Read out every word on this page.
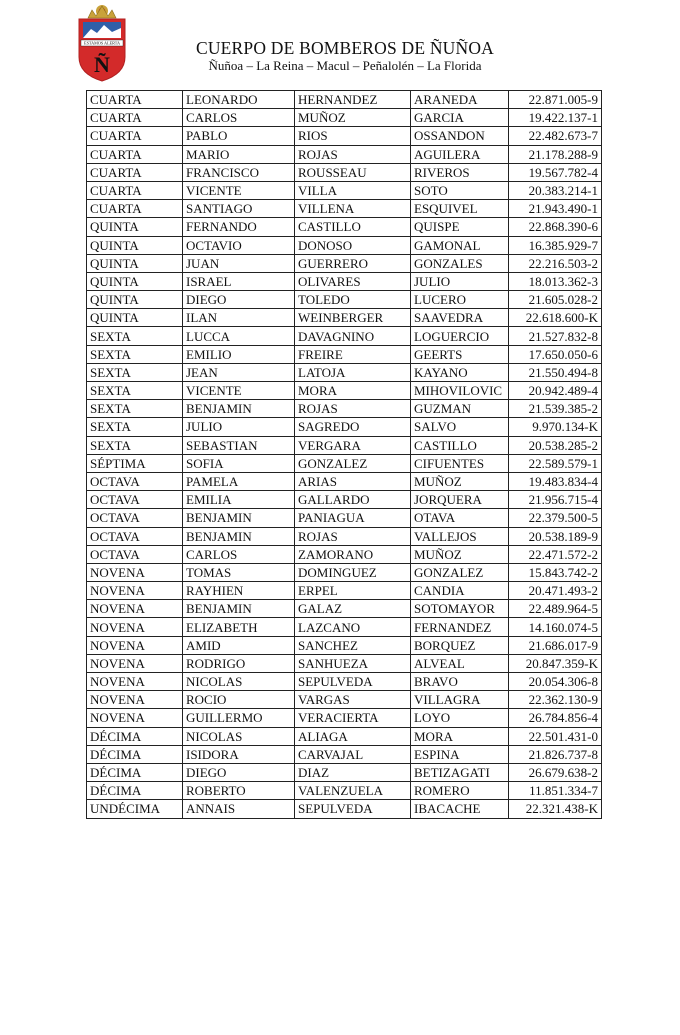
ESTAMOS ALERTA
Ñ
CUERPO DE BOMBEROS DE ÑUÑOA
Ñuñoa – La Reina – Macul – Peñalolén – La Florida
CUARTA	LEONARDO	HERNANDEZ	ARANEDA	22.871.005-9
CUARTA	CARLOS	MUÑOZ	GARCIA	19.422.137-1
CUARTA	PABLO	RIOS	OSSANDON	22.482.673-7
CUARTA	MARIO	ROJAS	AGUILERA	21.178.288-9
CUARTA	FRANCISCO	ROUSSEAU	RIVEROS	19.567.782-4
CUARTA	VICENTE	VILLA	SOTO	20.383.214-1
CUARTA	SANTIAGO	VILLENA	ESQUIVEL	21.943.490-1
QUINTA	FERNANDO	CASTILLO	QUISPE	22.868.390-6
QUINTA	OCTAVIO	DONOSO	GAMONAL	16.385.929-7
QUINTA	JUAN	GUERRERO	GONZALES	22.216.503-2
QUINTA	ISRAEL	OLIVARES	JULIO	18.013.362-3
QUINTA	DIEGO	TOLEDO	LUCERO	21.605.028-2
QUINTA	ILAN	WEINBERGER	SAAVEDRA	22.618.600-K
SEXTA	LUCCA	DAVAGNINO	LOGUERCIO	21.527.832-8
SEXTA	EMILIO	FREIRE	GEERTS	17.650.050-6
SEXTA	JEAN	LATOJA	KAYANO	21.550.494-8
SEXTA	VICENTE	MORA	MIHOVILOVIC	20.942.489-4
SEXTA	BENJAMIN	ROJAS	GUZMAN	21.539.385-2
SEXTA	JULIO	SAGREDO	SALVO	9.970.134-K
SEXTA	SEBASTIAN	VERGARA	CASTILLO	20.538.285-2
SÉPTIMA	SOFIA	GONZALEZ	CIFUENTES	22.589.579-1
OCTAVA	PAMELA	ARIAS	MUÑOZ	19.483.834-4
OCTAVA	EMILIA	GALLARDO	JORQUERA	21.956.715-4
OCTAVA	BENJAMIN	PANIAGUA	OTAVA	22.379.500-5
OCTAVA	BENJAMIN	ROJAS	VALLEJOS	20.538.189-9
OCTAVA	CARLOS	ZAMORANO	MUÑOZ	22.471.572-2
NOVENA	TOMAS	DOMINGUEZ	GONZALEZ	15.843.742-2
NOVENA	RAYHIEN	ERPEL	CANDIA	20.471.493-2
NOVENA	BENJAMIN	GALAZ	SOTOMAYOR	22.489.964-5
NOVENA	ELIZABETH	LAZCANO	FERNANDEZ	14.160.074-5
NOVENA	AMID	SANCHEZ	BORQUEZ	21.686.017-9
NOVENA	RODRIGO	SANHUEZA	ALVEAL	20.847.359-K
NOVENA	NICOLAS	SEPULVEDA	BRAVO	20.054.306-8
NOVENA	ROCIO	VARGAS	VILLAGRA	22.362.130-9
NOVENA	GUILLERMO	VERACIERTA	LOYO	26.784.856-4
DÉCIMA	NICOLAS	ALIAGA	MORA	22.501.431-0
DÉCIMA	ISIDORA	CARVAJAL	ESPINA	21.826.737-8
DÉCIMA	DIEGO	DIAZ	BETIZAGATI	26.679.638-2
DÉCIMA	ROBERTO	VALENZUELA	ROMERO	11.851.334-7
UNDÉCIMA	ANNAIS	SEPULVEDA	IBACACHE	22.321.438-K
